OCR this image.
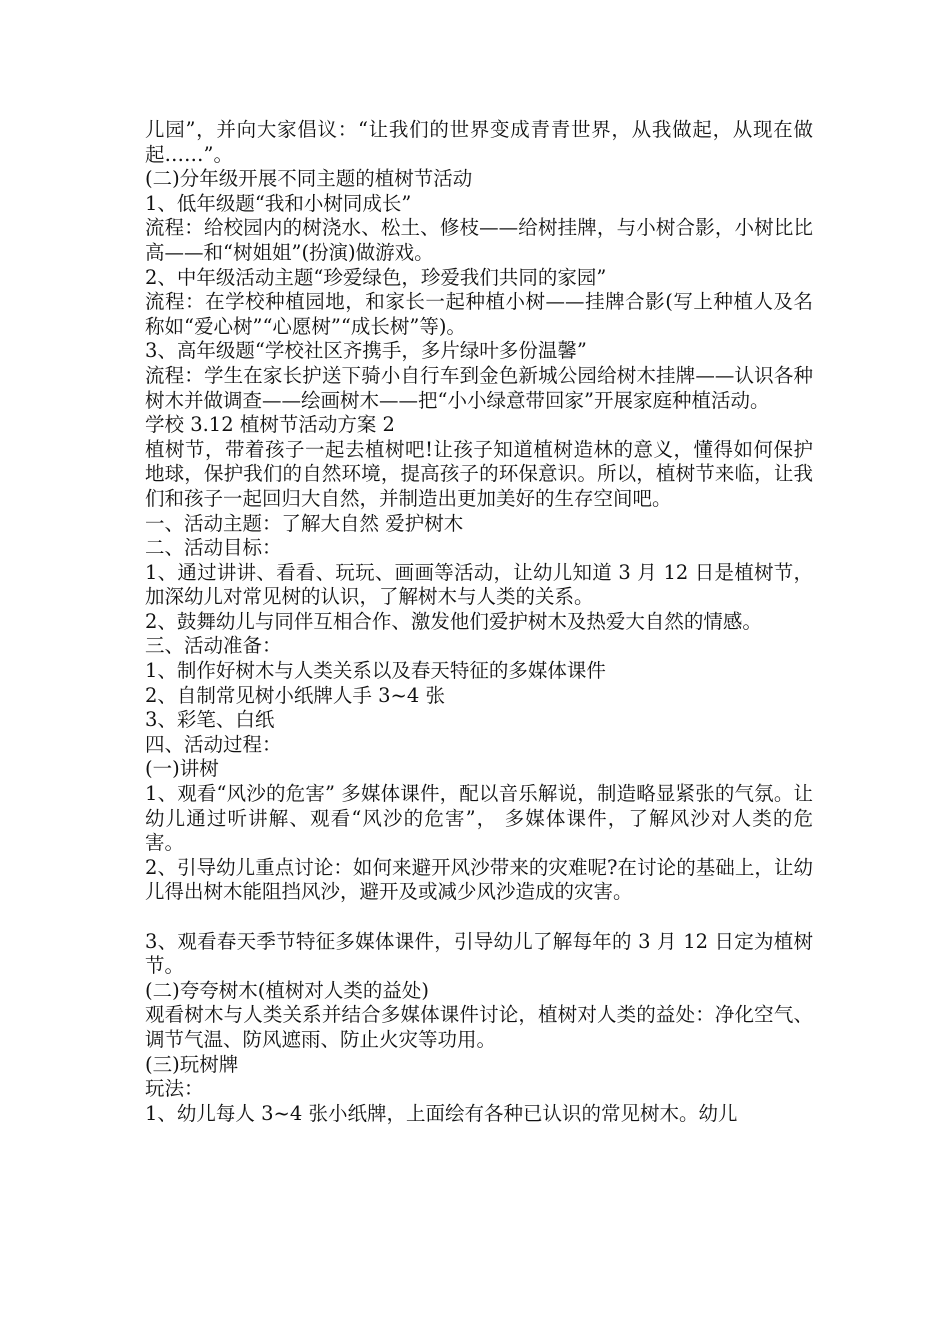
儿园”，并向大家倡议：“让我们的世界变成青青世界，从我做起，从现在做起……”。

(二)分年级开展不同主题的植树节活动

1、低年级题“我和小树同成长”

流程：给校园内的树浇水、松土、修枝——给树挂牌，与小树合影，小树比比高——和“树姐姐”(扮演)做游戏。

2、中年级活动主题“珍爱绿色，珍爱我们共同的家园”

流程：在学校种植园地，和家长一起种植小树——挂牌合影(写上种植人及名称如“爱心树”“心愿树”“成长树”等)。

3、高年级题“学校社区齐携手，多片绿叶多份温馨”

流程：学生在家长护送下骑小自行车到金色新城公园给树木挂牌——认识各种树木并做调查——绘画树木——把“小小绿意带回家”开展家庭种植活动。

学校 3.12 植树节活动方案 2

植树节，带着孩子一起去植树吧!让孩子知道植树造林的意义，懂得如何保护地球，保护我们的自然环境，提高孩子的环保意识。所以，植树节来临，让我们和孩子一起回归大自然，并制造出更加美好的生存空间吧。

一、活动主题：了解大自然 爱护树木

二、活动目标：

1、通过讲讲、看看、玩玩、画画等活动，让幼儿知道 3 月 12 日是植树节，加深幼儿对常见树的认识，了解树木与人类的关系。

2、鼓舞幼儿与同伴互相合作、激发他们爱护树木及热爱大自然的情感。

三、活动准备：

1、制作好树木与人类关系以及春天特征的多媒体课件

2、自制常见树小纸牌人手 3~4 张

3、彩笔、白纸

四、活动过程：

(一)讲树

1、观看“风沙的危害” 多媒体课件，配以音乐解说，制造略显紧张的气氛。让幼儿通过听讲解、观看“风沙的危害”， 多媒体课件，了解风沙对人类的危害。

2、引导幼儿重点讨论：如何来避开风沙带来的灾难呢?在讨论的基础上，让幼儿得出树木能阻挡风沙，避开及或减少风沙造成的灾害。

3、观看春天季节特征多媒体课件，引导幼儿了解每年的 3 月 12 日定为植树节。

(二)夸夸树木(植树对人类的益处)

观看树木与人类关系并结合多媒体课件讨论，植树对人类的益处：净化空气、调节气温、防风遮雨、防止火灾等功用。

(三)玩树牌

玩法：

1、幼儿每人 3~4 张小纸牌，上面绘有各种已认识的常见树木。幼儿
